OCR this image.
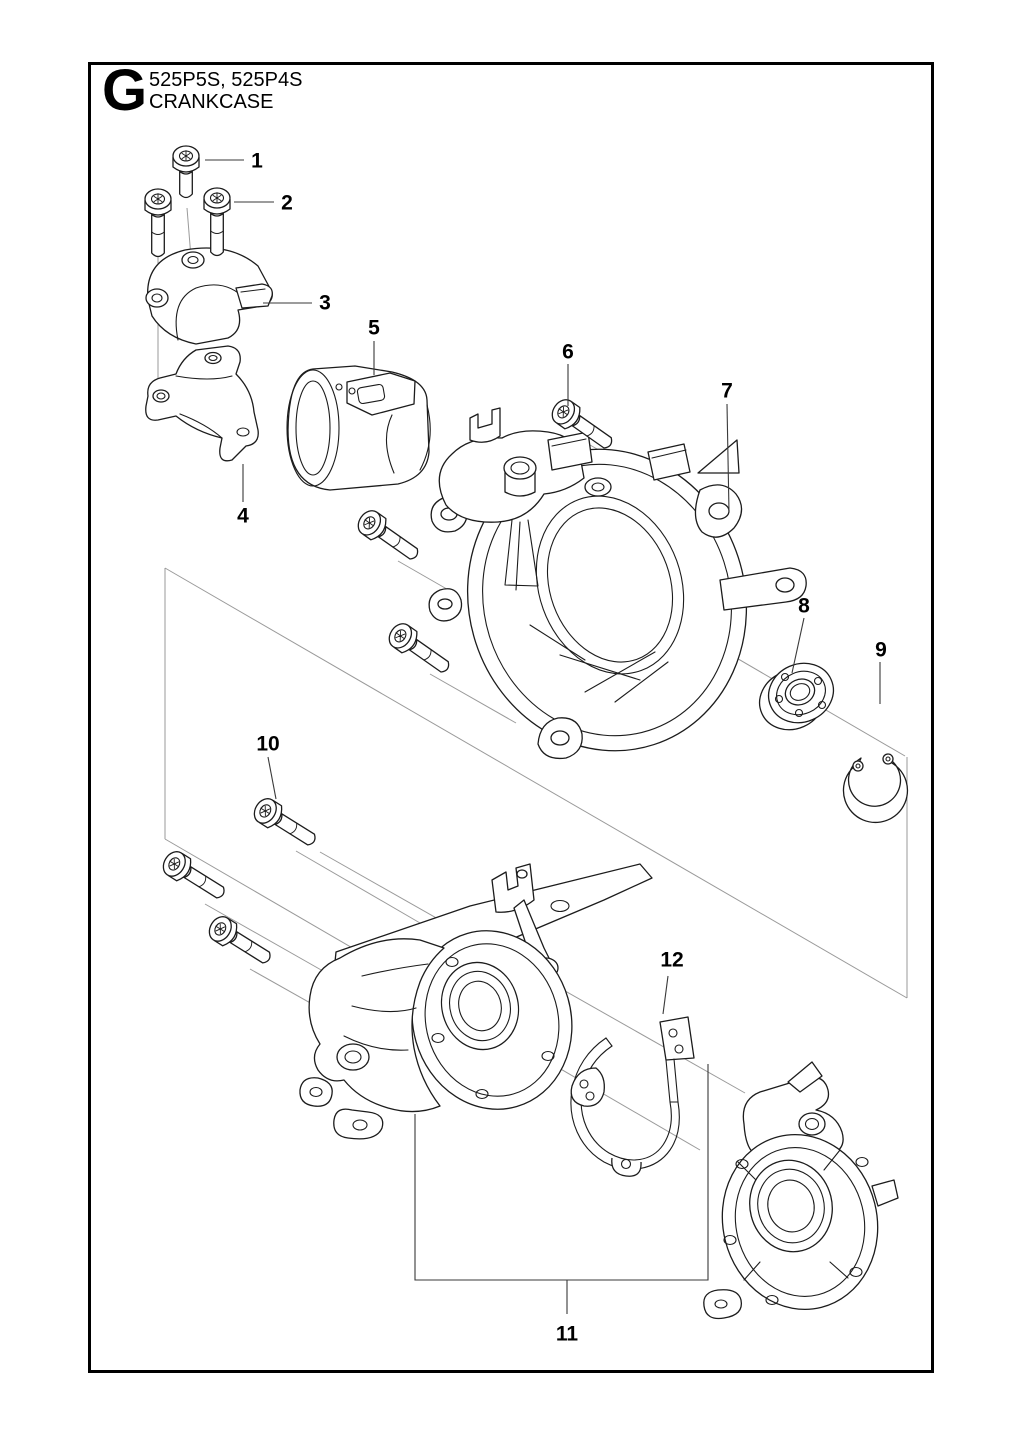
G 525P5S, 525P4S
CRANKCASE
1
2
3
4
5
6
7
8
9
10
11
12
